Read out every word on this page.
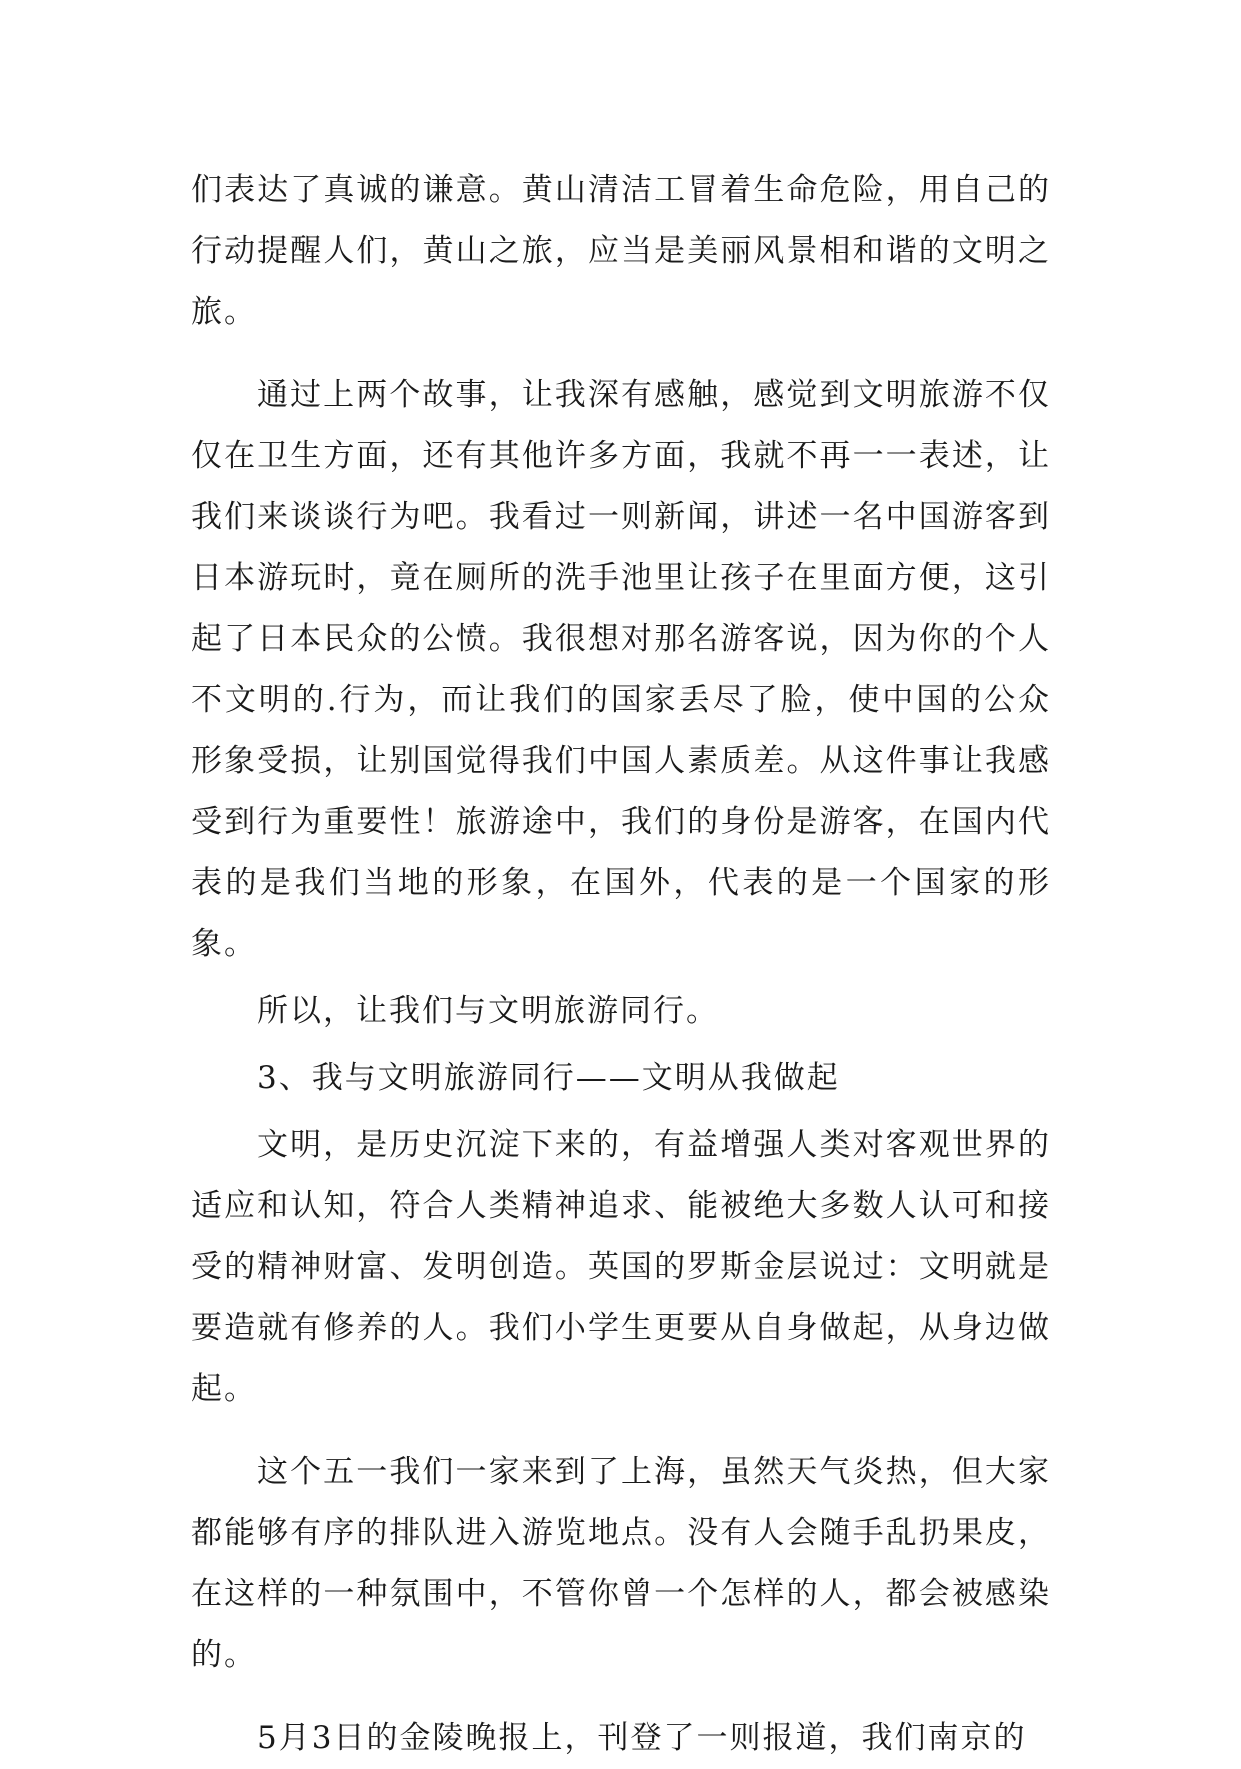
们表达了真诚的谦意。黄山清洁工冒着生命危险，用自己的行动提醒人们，黄山之旅，应当是美丽风景相和谐的文明之旅。

通过上两个故事，让我深有感触，感觉到文明旅游不仅仅在卫生方面，还有其他许多方面，我就不再一一表述，让我们来谈谈行为吧。我看过一则新闻，讲述一名中国游客到日本游玩时，竟在厕所的洗手池里让孩子在里面方便，这引起了日本民众的公愤。我很想对那名游客说，因为你的个人不文明的.行为，而让我们的国家丢尽了脸，使中国的公众形象受损，让别国觉得我们中国人素质差。从这件事让我感受到行为重要性！旅游途中，我们的身份是游客，在国内代表的是我们当地的形象，在国外，代表的是一个国家的形象。

所以，让我们与文明旅游同行。

3、我与文明旅游同行——文明从我做起

文明，是历史沉淀下来的，有益增强人类对客观世界的适应和认知，符合人类精神追求、能被绝大多数人认可和接受的精神财富、发明创造。英国的罗斯金层说过：文明就是要造就有修养的人。我们小学生更要从自身做起，从身边做起。

这个五一我们一家来到了上海，虽然天气炎热，但大家都能够有序的排队进入游览地点。没有人会随手乱扔果皮，在这样的一种氛围中，不管你曾一个怎样的人，都会被感染的。

5月3日的金陵晚报上，刊登了一则报道，我们南京的
